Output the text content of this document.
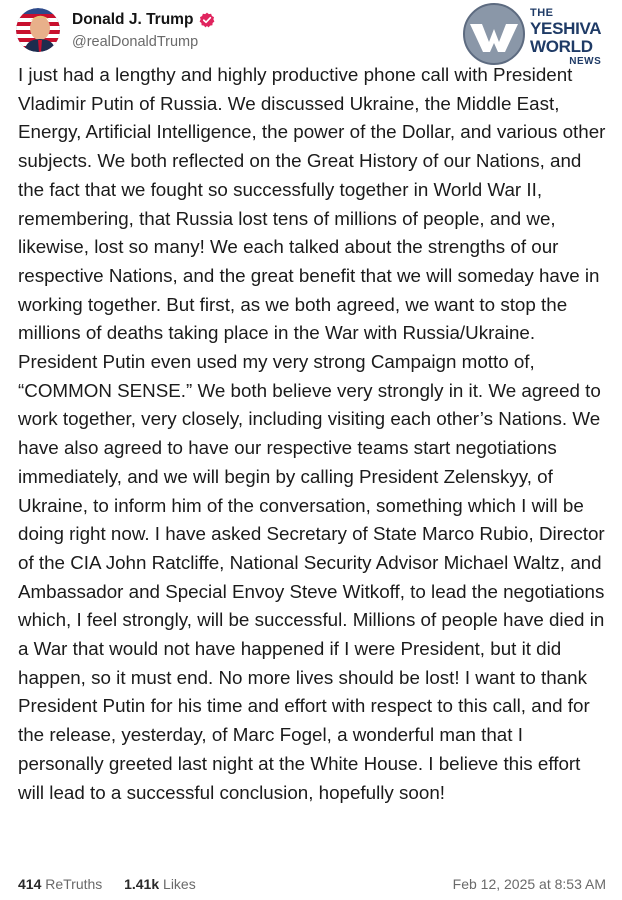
Donald J. Trump
@realDonaldTrump
THE
YESHIVA
WORLD
NEWS

I just had a lengthy and highly productive phone call with President Vladimir Putin of Russia. We discussed Ukraine, the Middle East, Energy, Artificial Intelligence, the power of the Dollar, and various other subjects. We both reflected on the Great History of our Nations, and the fact that we fought so successfully together in World War II, remembering, that Russia lost tens of millions of people, and we, likewise, lost so many! We each talked about the strengths of our respective Nations, and the great benefit that we will someday have in working together. But first, as we both agreed, we want to stop the millions of deaths taking place in the War with Russia/Ukraine. President Putin even used my very strong Campaign motto of, “COMMON SENSE.” We both believe very strongly in it. We agreed to work together, very closely, including visiting each other’s Nations. We have also agreed to have our respective teams start negotiations immediately, and we will begin by calling President Zelenskyy, of Ukraine, to inform him of the conversation, something which I will be doing right now. I have asked Secretary of State Marco Rubio, Director of the CIA John Ratcliffe, National Security Advisor Michael Waltz, and Ambassador and Special Envoy Steve Witkoff, to lead the negotiations which, I feel strongly, will be successful. Millions of people have died in a War that would not have happened if I were President, but it did happen, so it must end. No more lives should be lost! I want to thank President Putin for his time and effort with respect to this call, and for the release, yesterday, of Marc Fogel, a wonderful man that I personally greeted last night at the White House. I believe this effort will lead to a successful conclusion, hopefully soon!

414 ReTruths 1.41k Likes	Feb 12, 2025 at 8:53 AM
